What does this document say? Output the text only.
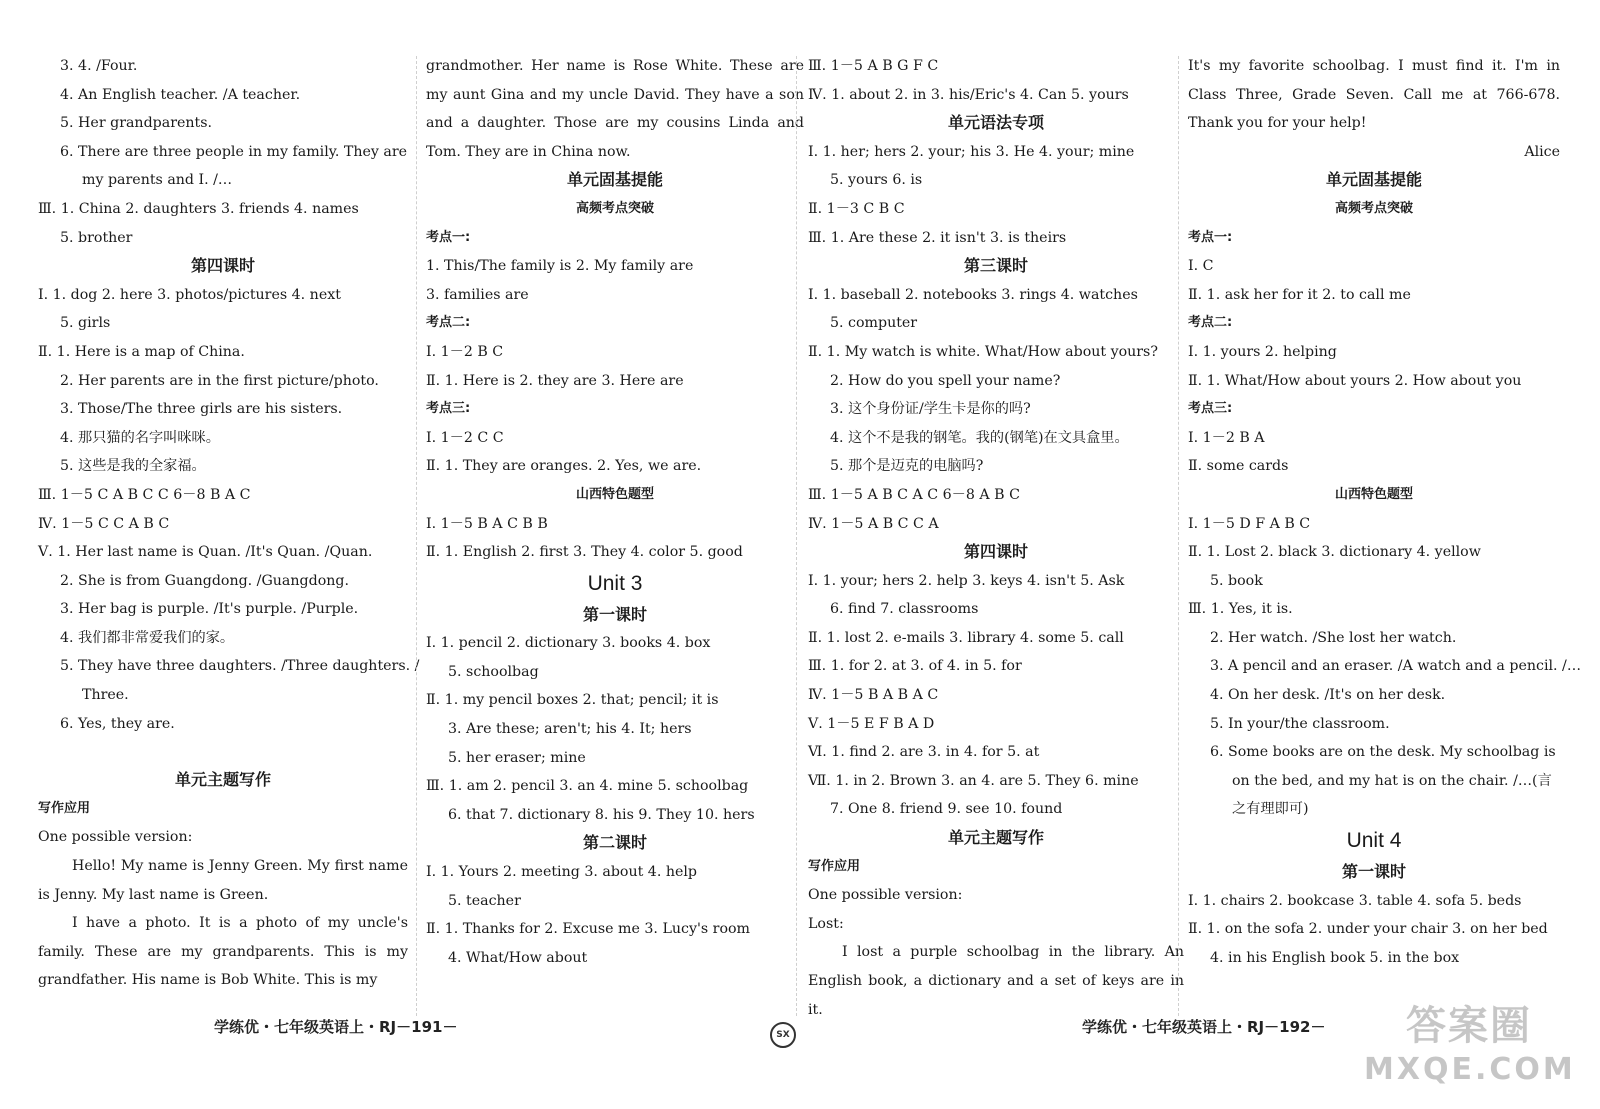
3. 4. /Four.
4. An English teacher. /A teacher.
5. Her grandparents.
6. There are three people in my family. They are
my parents and I. /…
Ⅲ. 1. China 2. daughters 3. friends 4. names
5. brother
第四课时
Ⅰ. 1. dog 2. here 3. photos/pictures 4. next
5. girls
Ⅱ. 1. Here is a map of China.
2. Her parents are in the first picture/photo.
3. Those/The three girls are his sisters.
4. 那只猫的名字叫咪咪。
5. 这些是我的全家福。
Ⅲ. 1－5 C A B C C 6－8 B A C
Ⅳ. 1－5 C C A B C
Ⅴ. 1. Her last name is Quan. /It's Quan. /Quan.
2. She is from Guangdong. /Guangdong.
3. Her bag is purple. /It's purple. /Purple.
4. 我们都非常爱我们的家。
5. They have three daughters. /Three daughters. /
Three.
6. Yes, they are.
单元主题写作
写作应用
One possible version:
Hello! My name is Jenny Green. My first name is Jenny. My last name is Green.
I have a photo. It is a photo of my uncle's family. These are my grandparents. This is my grandfather. His name is Bob White. This is my
grandmother. Her name is Rose White. These are my aunt Gina and my uncle David. They have a son and a daughter. Those are my cousins Linda and Tom. They are in China now.
单元固基提能
高频考点突破
考点一:
1. This/The family is 2. My family are
3. families are
考点二:
Ⅰ. 1－2 B C
Ⅱ. 1. Here is 2. they are 3. Here are
考点三:
Ⅰ. 1－2 C C
Ⅱ. 1. They are oranges. 2. Yes, we are.
山西特色题型
Ⅰ. 1－5 B A C B B
Ⅱ. 1. English 2. first 3. They 4. color 5. good
Unit 3
第一课时
Ⅰ. 1. pencil 2. dictionary 3. books 4. box
5. schoolbag
Ⅱ. 1. my pencil boxes 2. that; pencil; it is
3. Are these; aren't; his 4. It; hers
5. her eraser; mine
Ⅲ. 1. am 2. pencil 3. an 4. mine 5. schoolbag
6. that 7. dictionary 8. his 9. They 10. hers
第二课时
Ⅰ. 1. Yours 2. meeting 3. about 4. help
5. teacher
Ⅱ. 1. Thanks for 2. Excuse me 3. Lucy's room
4. What/How about
Ⅲ. 1－5 A B G F C
Ⅳ. 1. about 2. in 3. his/Eric's 4. Can 5. yours
单元语法专项
Ⅰ. 1. her; hers 2. your; his 3. He 4. your; mine
5. yours 6. is
Ⅱ. 1－3 C B C
Ⅲ. 1. Are these 2. it isn't 3. is theirs
第三课时
Ⅰ. 1. baseball 2. notebooks 3. rings 4. watches
5. computer
Ⅱ. 1. My watch is white. What/How about yours?
2. How do you spell your name?
3. 这个身份证/学生卡是你的吗?
4. 这个不是我的钢笔。我的(钢笔)在文具盒里。
5. 那个是迈克的电脑吗?
Ⅲ. 1－5 A B C A C 6－8 A B C
Ⅳ. 1－5 A B C C A
第四课时
Ⅰ. 1. your; hers 2. help 3. keys 4. isn't 5. Ask
6. find 7. classrooms
Ⅱ. 1. lost 2. e-mails 3. library 4. some 5. call
Ⅲ. 1. for 2. at 3. of 4. in 5. for
Ⅳ. 1－5 B A B A C
Ⅴ. 1－5 E F B A D
Ⅵ. 1. find 2. are 3. in 4. for 5. at
Ⅶ. 1. in 2. Brown 3. an 4. are 5. They 6. mine
7. One 8. friend 9. see 10. found
单元主题写作
写作应用
One possible version:
Lost:
I lost a purple schoolbag in the library. An English book, a dictionary and a set of keys are in it.
It's my favorite schoolbag. I must find it. I'm in Class Three, Grade Seven. Call me at 766-678. Thank you for your help!
Alice
单元固基提能
高频考点突破
考点一:
Ⅰ. C
Ⅱ. 1. ask her for it 2. to call me
考点二:
Ⅰ. 1. yours 2. helping
Ⅱ. 1. What/How about yours 2. How about you
考点三:
Ⅰ. 1－2 B A
Ⅱ. some cards
山西特色题型
Ⅰ. 1－5 D F A B C
Ⅱ. 1. Lost 2. black 3. dictionary 4. yellow
5. book
Ⅲ. 1. Yes, it is.
2. Her watch. /She lost her watch.
3. A pencil and an eraser. /A watch and a pencil. /…
4. On her desk. /It's on her desk.
5. In your/the classroom.
6. Some books are on the desk. My schoolbag is
on the bed, and my hat is on the chair. /…(言
之有理即可)
Unit 4
第一课时
Ⅰ. 1. chairs 2. bookcase 3. table 4. sofa 5. beds
Ⅱ. 1. on the sofa 2. under your chair 3. on her bed
4. in his English book 5. in the box
学练优・七年级英语上・RJ－191－	SX	学练优・七年级英语上・RJ－192－	答案圈
MXQE.COM
